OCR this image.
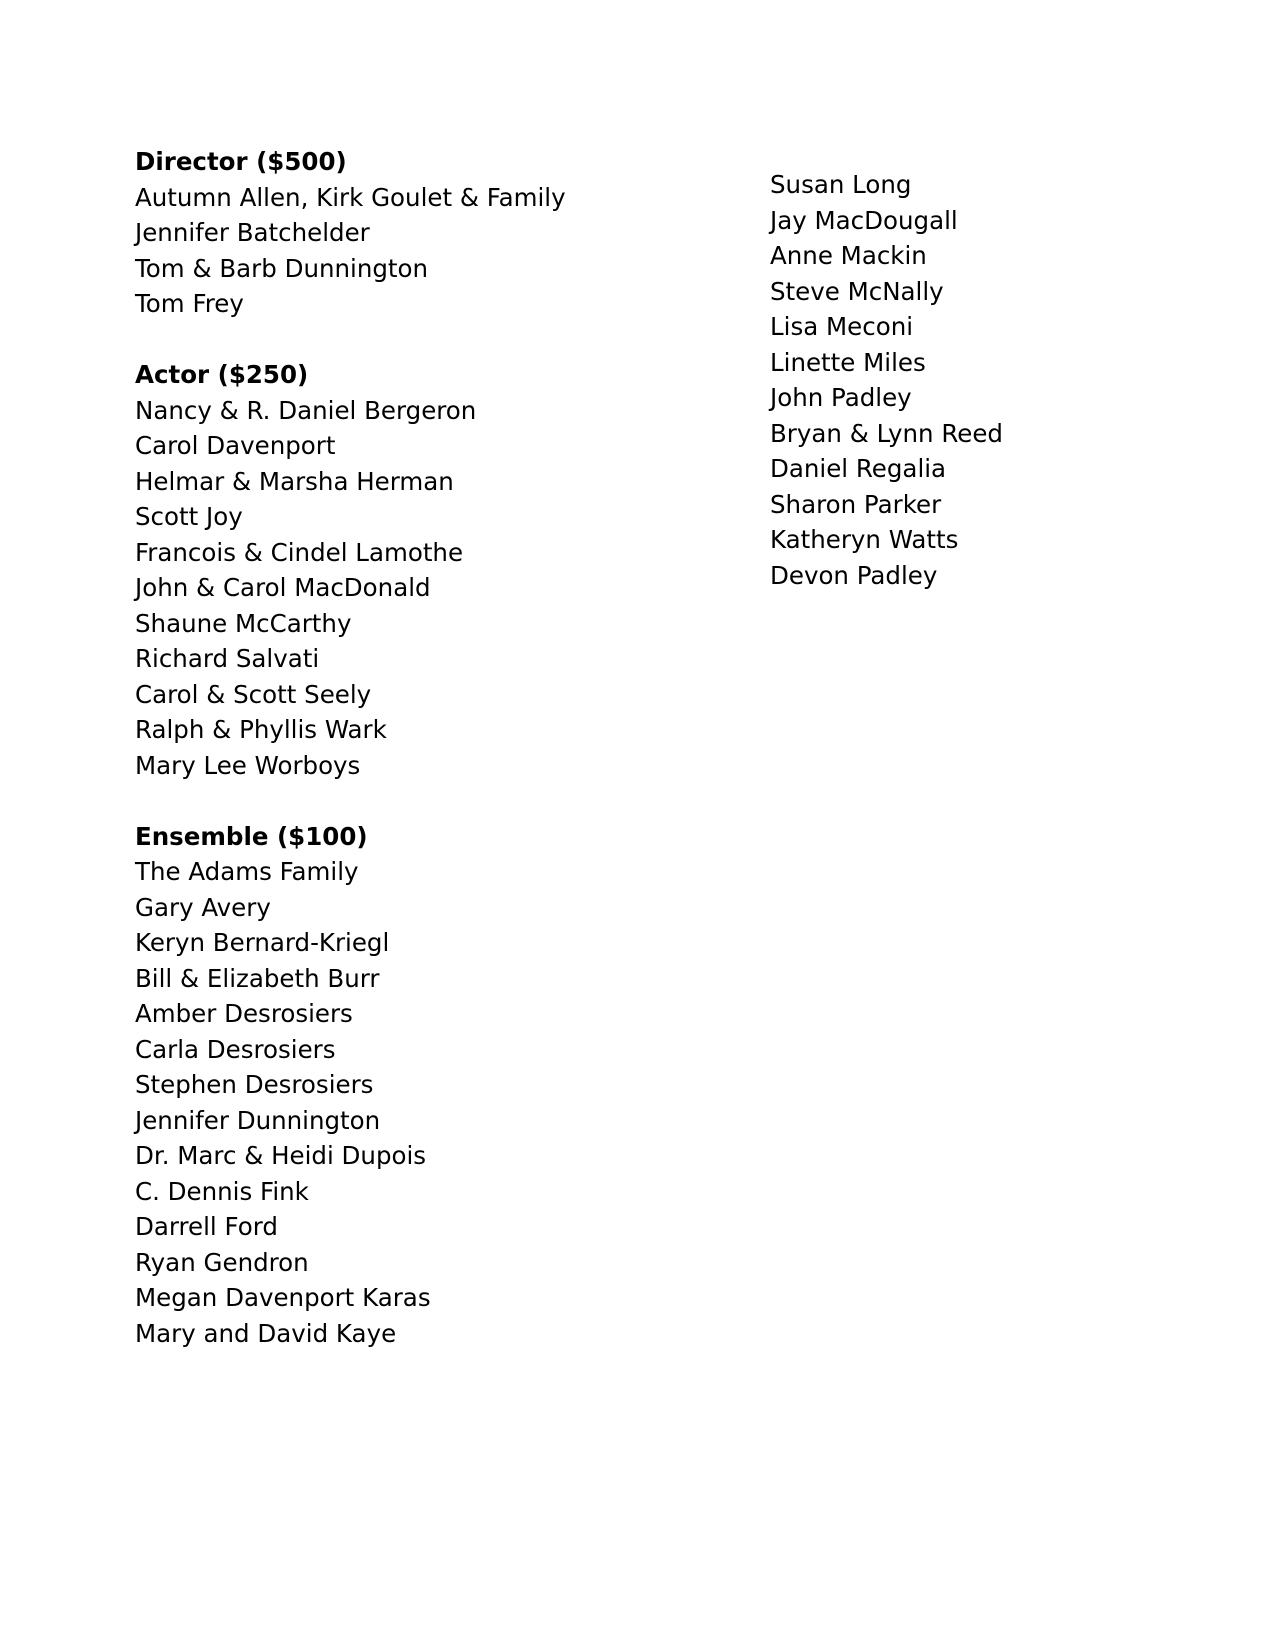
Director ($500)
Autumn Allen, Kirk Goulet & Family
Jennifer Batchelder
Tom & Barb Dunnington
Tom Frey
Actor ($250)
Nancy & R. Daniel Bergeron
Carol Davenport
Helmar & Marsha Herman
Scott Joy
Francois & Cindel Lamothe
John & Carol MacDonald
Shaune McCarthy
Richard Salvati
Carol & Scott Seely
Ralph & Phyllis Wark
Mary Lee Worboys
Ensemble ($100)
The Adams Family
Gary Avery
Keryn Bernard-Kriegl
Bill & Elizabeth Burr
Amber Desrosiers
Carla Desrosiers
Stephen Desrosiers
Jennifer Dunnington
Dr. Marc & Heidi Dupois
C. Dennis Fink
Darrell Ford
Ryan Gendron
Megan Davenport Karas
Mary and David Kaye
Susan Long
Jay MacDougall
Anne Mackin
Steve McNally
Lisa Meconi
Linette Miles
John Padley
Bryan & Lynn Reed
Daniel Regalia
Sharon Parker
Katheryn Watts
Devon Padley
